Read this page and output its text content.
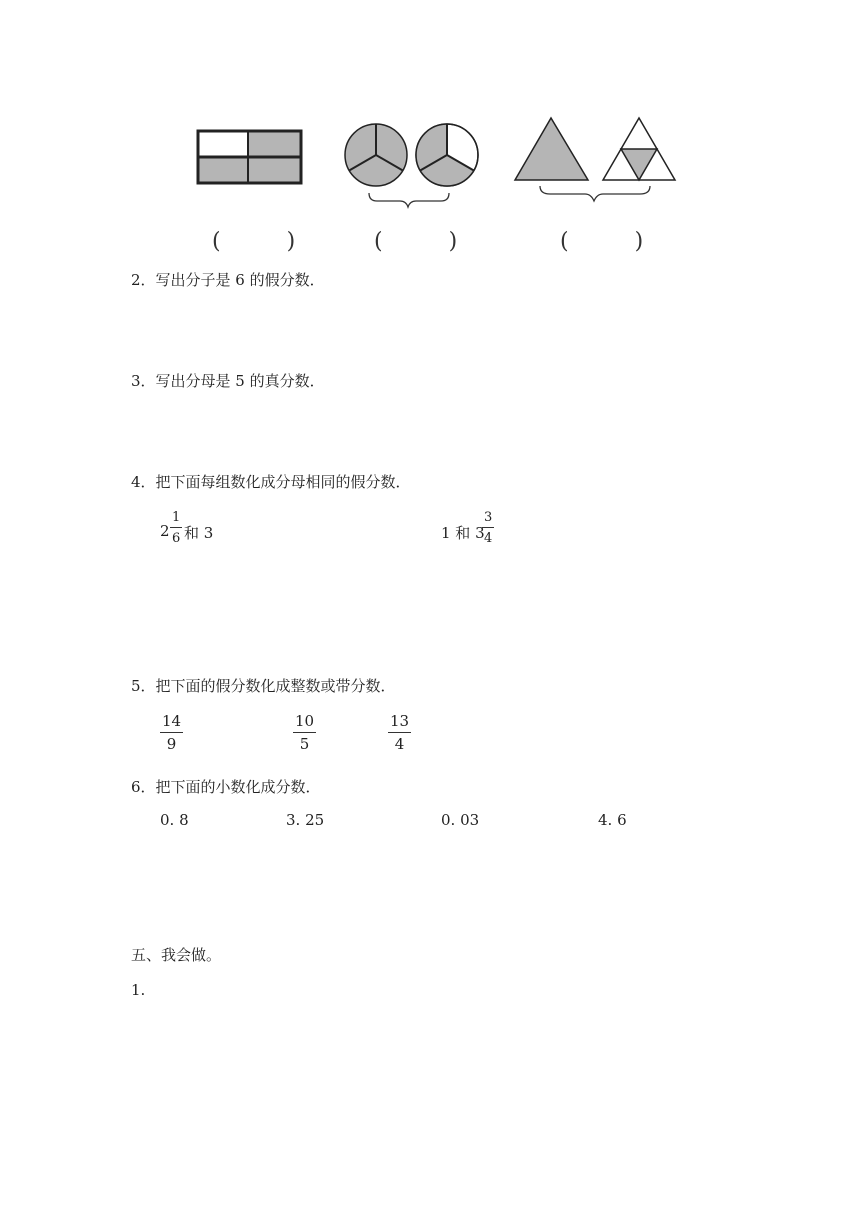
(　　　)	(　　　)	(　　　)
2．写出分子是 6 的假分数．
3．写出分母是 5 的真分数．
4．把下面每组数化成分母相同的假分数．
2
1
6 和 3	1 和 3
3
4
5．把下面的假分数化成整数或带分数．
14
9
10
5
13
4
6．把下面的小数化成分数．
0. 8	3. 25	0. 03	4. 6
五、我会做。
1.
